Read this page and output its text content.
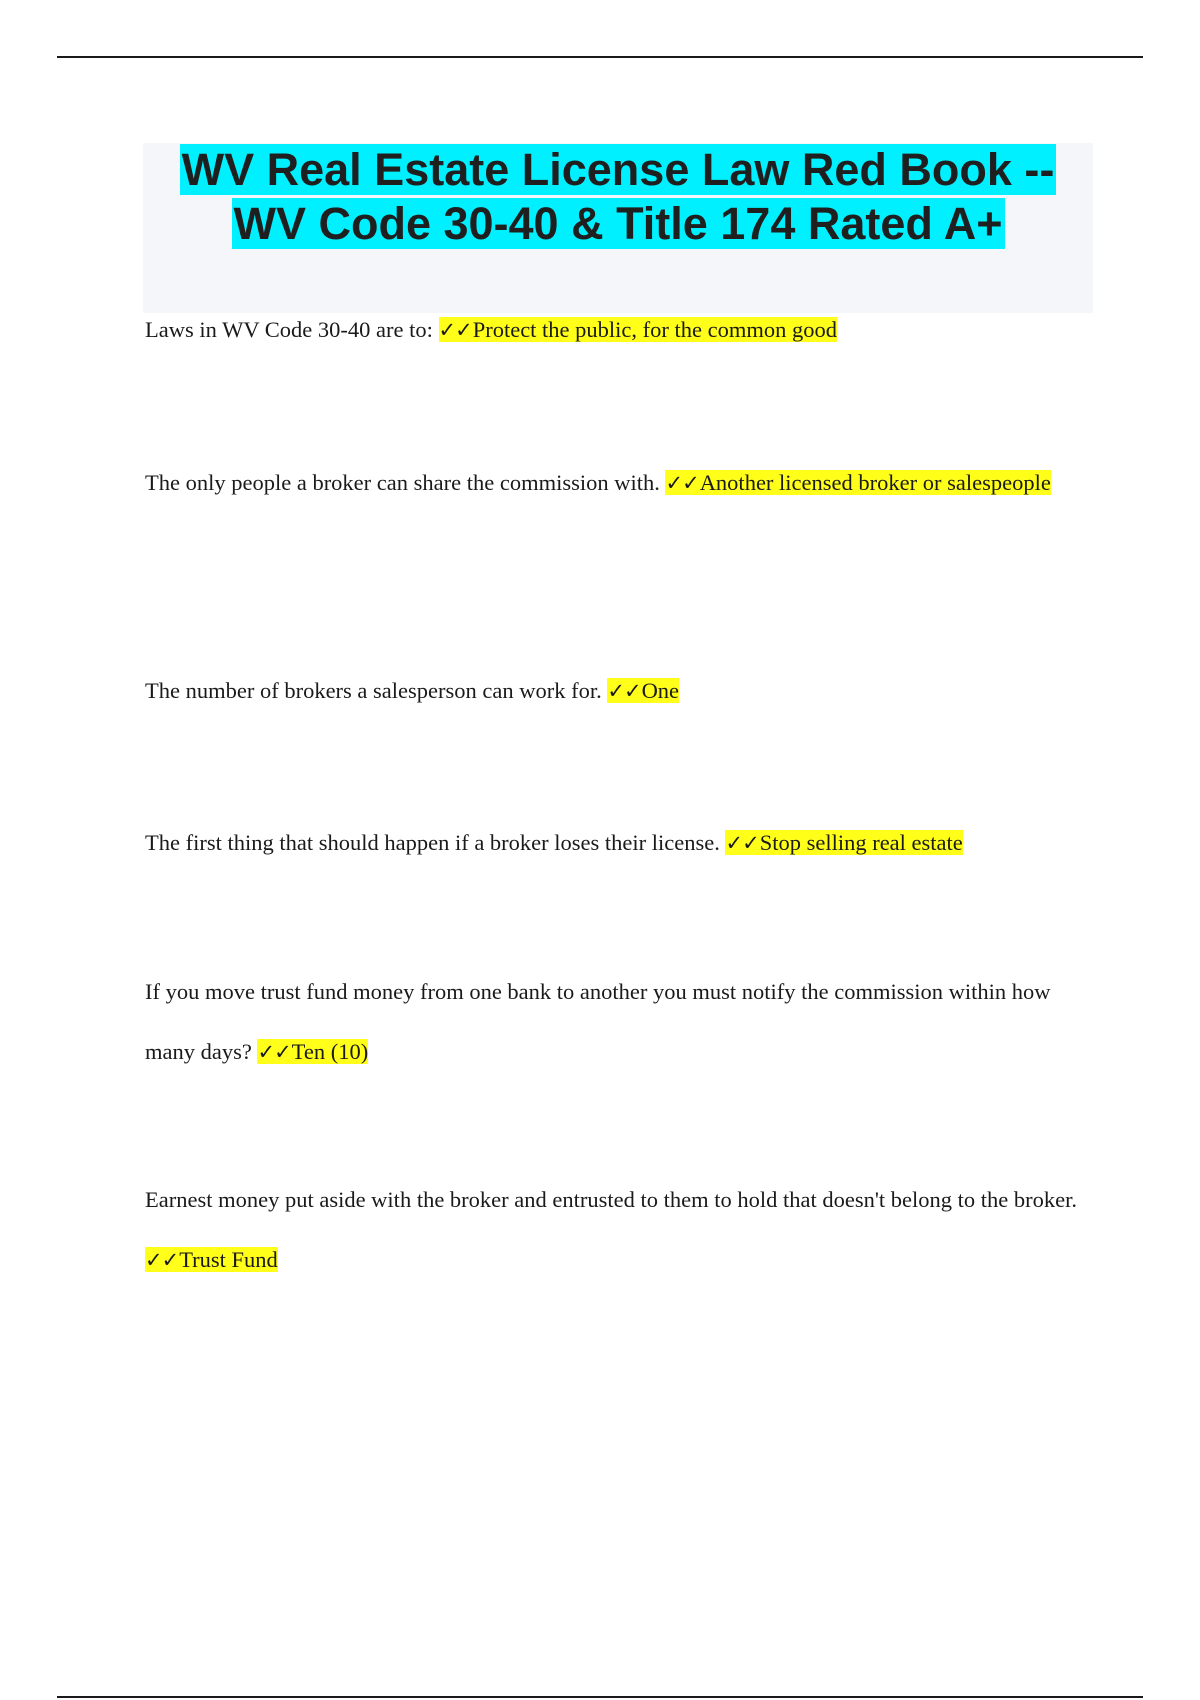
WV Real Estate License Law Red Book -- WV Code 30-40 & Title 174 Rated A+

Laws in WV Code 30-40 are to: ✓✓Protect the public, for the common good

The only people a broker can share the commission with. ✓✓Another licensed broker or salespeople

The number of brokers a salesperson can work for. ✓✓One

The first thing that should happen if a broker loses their license. ✓✓Stop selling real estate

If you move trust fund money from one bank to another you must notify the commission within how many days? ✓✓Ten (10)

Earnest money put aside with the broker and entrusted to them to hold that doesn't belong to the broker. ✓✓Trust Fund
